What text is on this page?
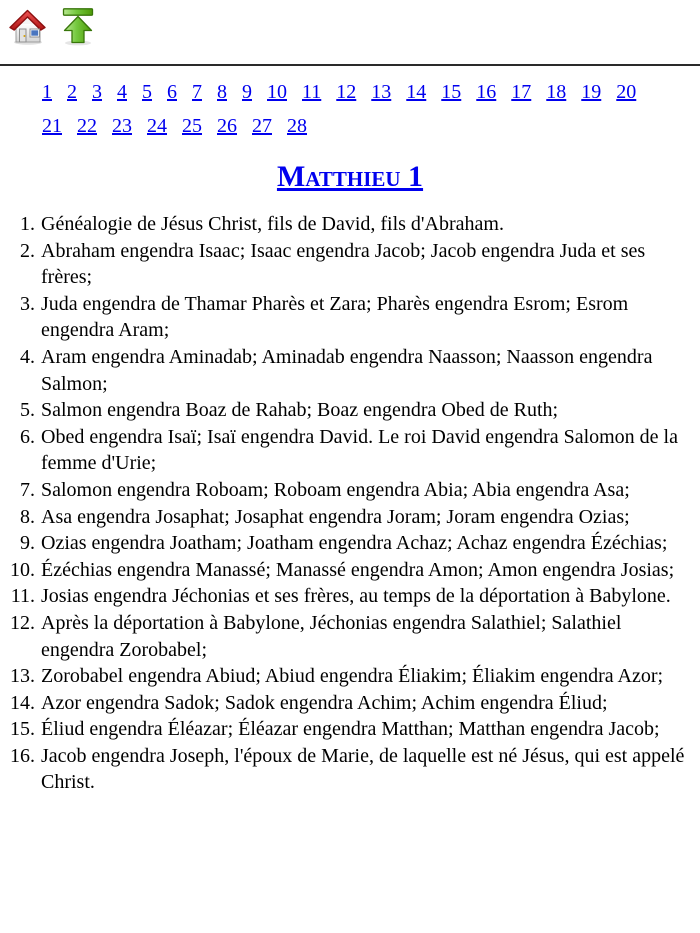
1 2 3 4 5 6 7 8 9 10 11 12 13 14 15 16 17 18 19 20
21 22 23 24 25 26 27 28
Matthieu 1
1. Généalogie de Jésus Christ, fils de David, fils d'Abraham.
2. Abraham engendra Isaac; Isaac engendra Jacob; Jacob engendra Juda et ses frères;
3. Juda engendra de Thamar Pharès et Zara; Pharès engendra Esrom; Esrom engendra Aram;
4. Aram engendra Aminadab; Aminadab engendra Naasson; Naasson engendra Salmon;
5. Salmon engendra Boaz de Rahab; Boaz engendra Obed de Ruth;
6. Obed engendra Isaï; Isaï engendra David. Le roi David engendra Salomon de la femme d'Urie;
7. Salomon engendra Roboam; Roboam engendra Abia; Abia engendra Asa;
8. Asa engendra Josaphat; Josaphat engendra Joram; Joram engendra Ozias;
9. Ozias engendra Joatham; Joatham engendra Achaz; Achaz engendra Ézéchias;
10. Ézéchias engendra Manassé; Manassé engendra Amon; Amon engendra Josias;
11. Josias engendra Jéchonias et ses frères, au temps de la déportation à Babylone.
12. Après la déportation à Babylone, Jéchonias engendra Salathiel; Salathiel engendra Zorobabel;
13. Zorobabel engendra Abiud; Abiud engendra Éliakim; Éliakim engendra Azor;
14. Azor engendra Sadok; Sadok engendra Achim; Achim engendra Éliud;
15. Éliud engendra Éléazar; Éléazar engendra Matthan; Matthan engendra Jacob;
16. Jacob engendra Joseph, l'époux de Marie, de laquelle est né Jésus, qui est appelé Christ.
